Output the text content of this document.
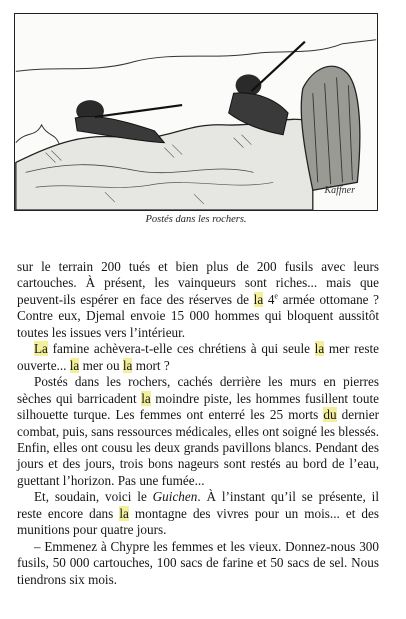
Kaffner
Postés dans les rochers.

sur le terrain 200 tués et bien plus de 200 fusils avec leurs cartouches. À présent, les vainqueurs sont riches... mais que peuvent-ils espérer en face des réserves de la 4e armée ottomane ? Contre eux, Djemal envoie 15 000 hommes qui bloquent aussitôt toutes les issues vers l’intérieur.

La famine achèvera-t-elle ces chrétiens à qui seule la mer reste ouverte... la mer ou la mort ?

Postés dans les rochers, cachés derrière les murs en pierres sèches qui barricadent la moindre piste, les hommes fusillent toute silhouette turque. Les femmes ont enterré les 25 morts du dernier combat, puis, sans ressources médicales, elles ont soigné les blessés. Enfin, elles ont cousu les deux grands pavillons blancs. Pendant des jours et des jours, trois bons nageurs sont restés au bord de l’eau, guettant l’horizon. Pas une fumée...

Et, soudain, voici le Guichen. À l’instant qu’il se présente, il reste encore dans la montagne des vivres pour un mois... et des munitions pour quatre jours.

– Emmenez à Chypre les femmes et les vieux. Donnez-nous 300 fusils, 50 000 cartouches, 100 sacs de farine et 50 sacs de sel. Nous tiendrons six mois.
